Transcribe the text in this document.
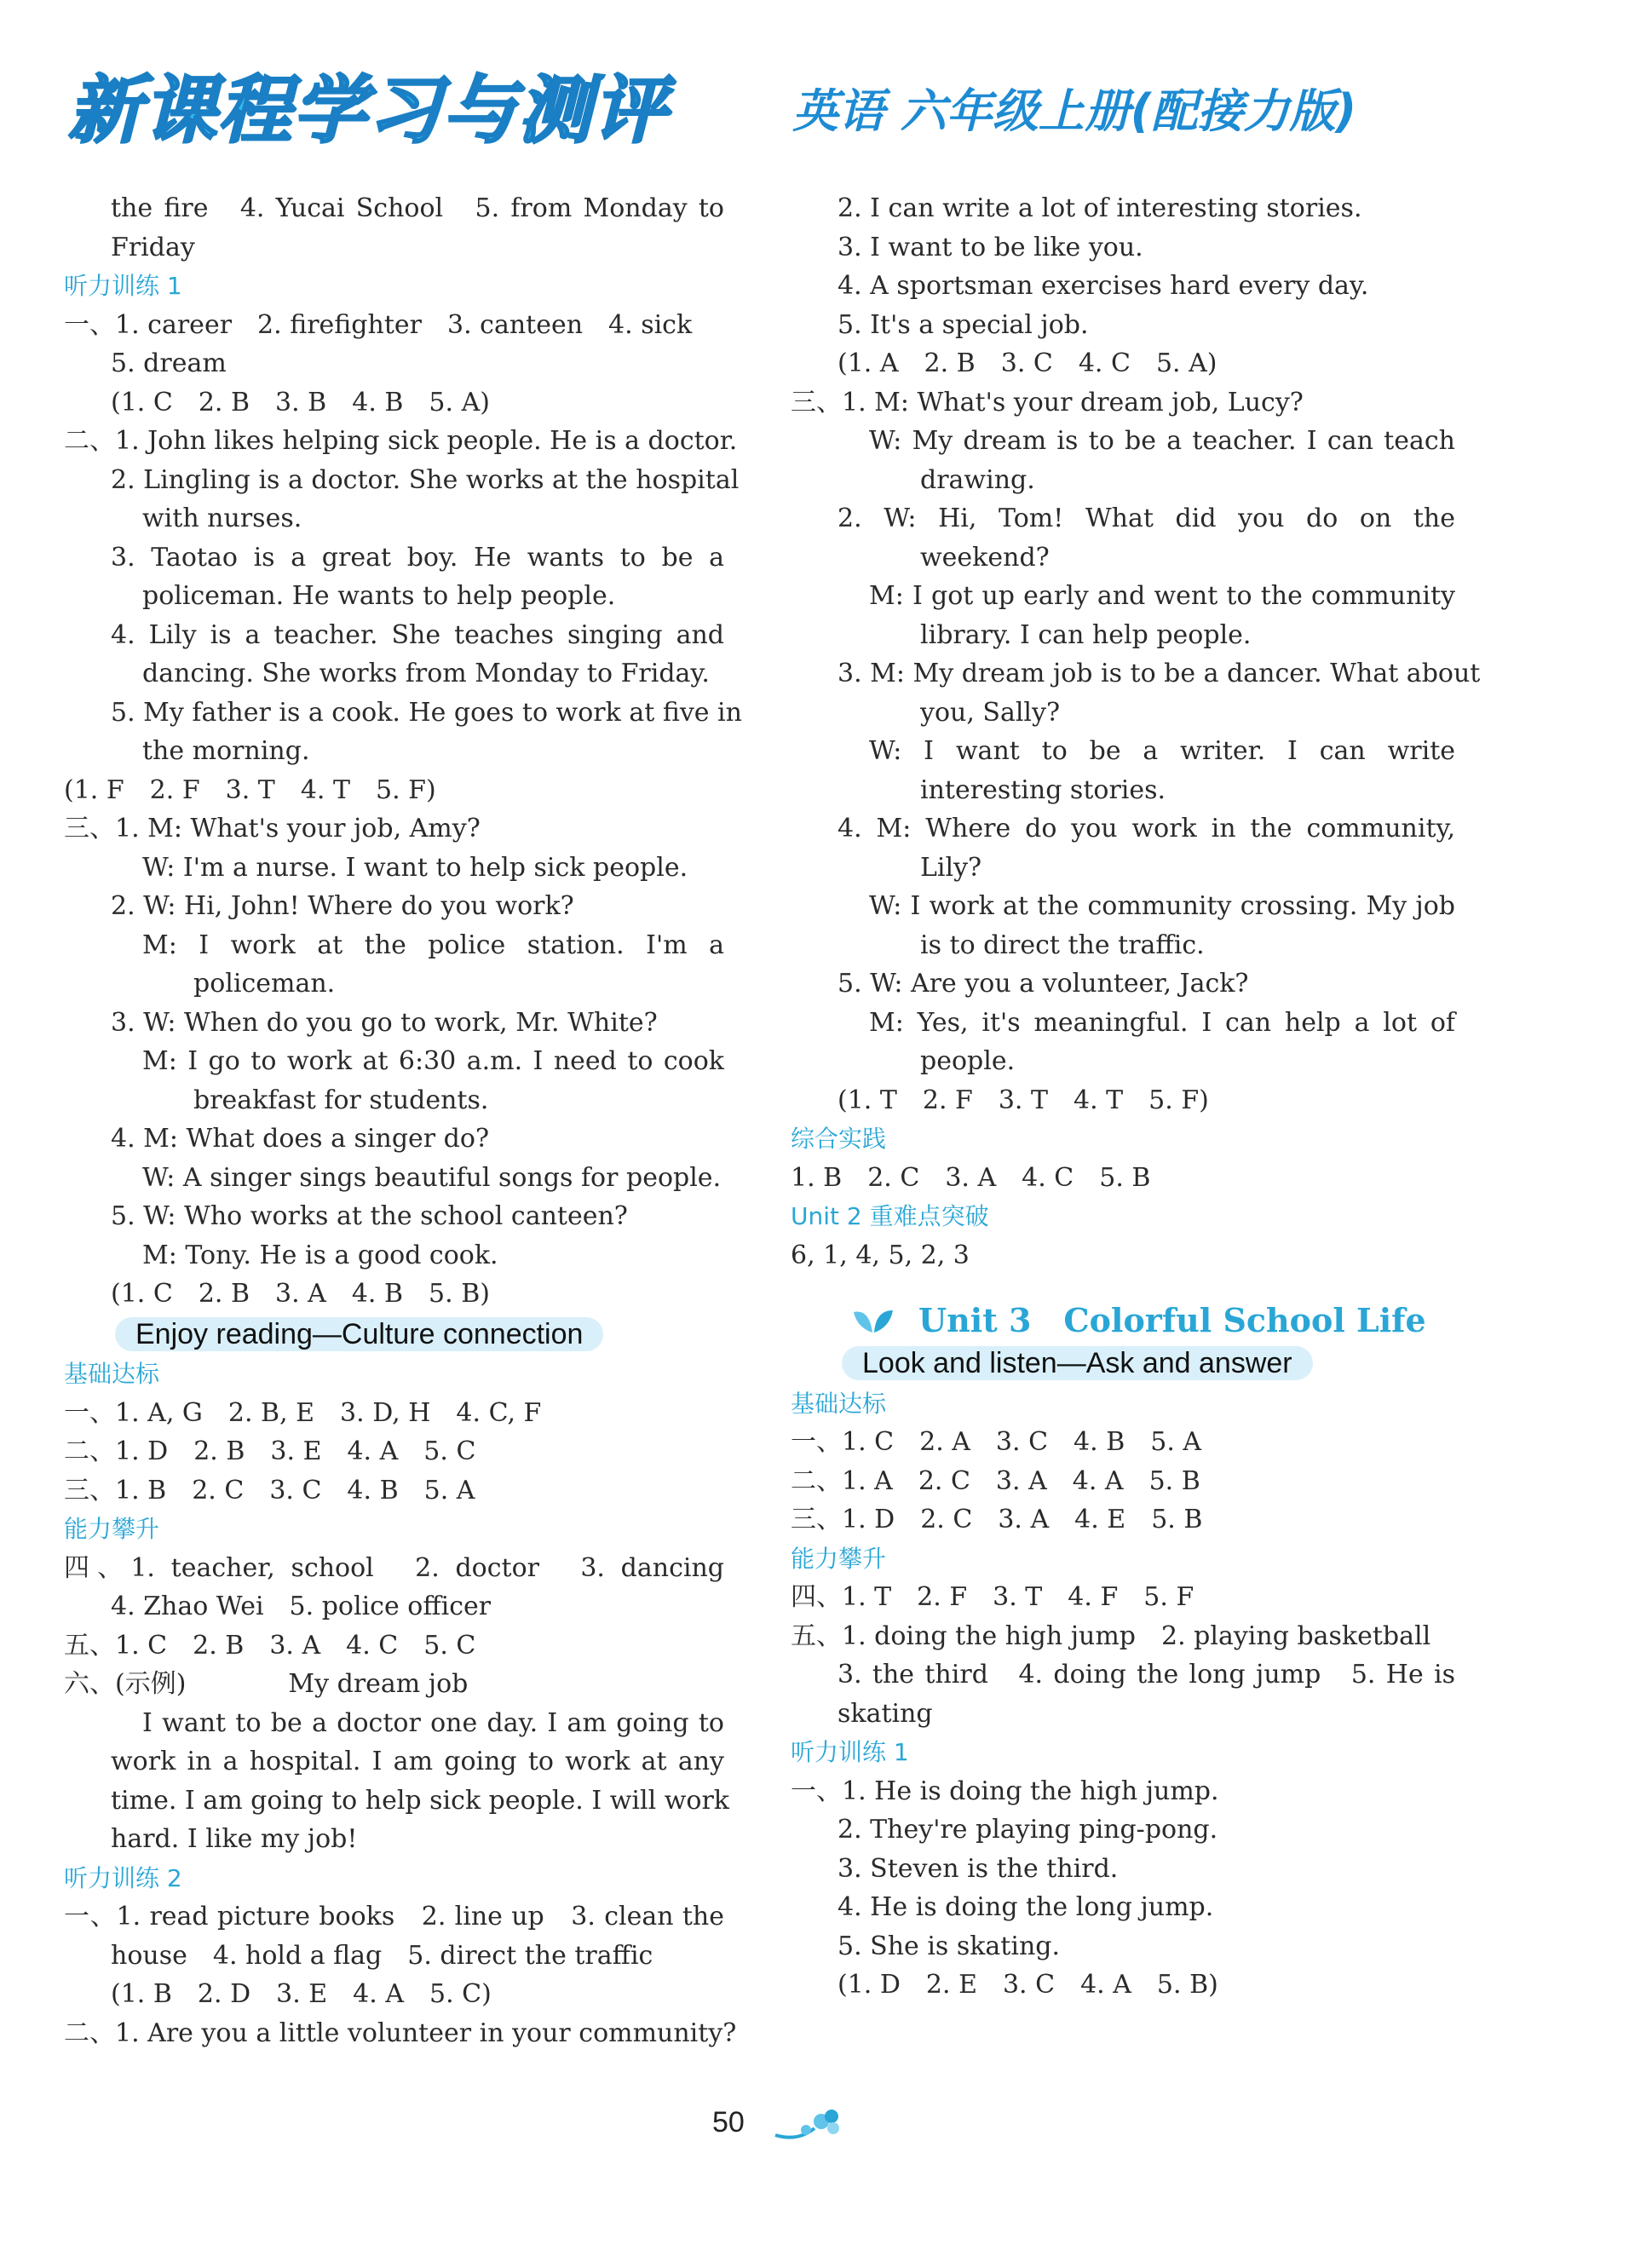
新课程学习与测评	英语 六年级上册(配接力版)
the fire　4. Yucai School　5. from Monday to
Friday
听力训练 1
一、1. career　2. firefighter　3. canteen　4. sick
5. dream
(1. C　2. B　3. B　4. B　5. A)
二、1. John likes helping sick people. He is a doctor.
2. Lingling is a doctor. She works at the hospital
with nurses.
3. Taotao is a great boy. He wants to be a
policeman. He wants to help people.
4. Lily is a teacher. She teaches singing and
dancing. She works from Monday to Friday.
5. My father is a cook. He goes to work at five in
the morning.
(1. F　2. F　3. T　4. T　5. F)
三、1. M: What's your job, Amy?
W: I'm a nurse. I want to help sick people.
2. W: Hi, John! Where do you work?
M: I work at the police station. I'm a
policeman.
3. W: When do you go to work, Mr. White?
M: I go to work at 6:30 a.m. I need to cook
breakfast for students.
4. M: What does a singer do?
W: A singer sings beautiful songs for people.
5. W: Who works at the school canteen?
M: Tony. He is a good cook.
(1. C　2. B　3. A　4. B　5. B)
Enjoy reading—Culture connection
基础达标
一、1. A, G　2. B, E　3. D, H　4. C, F
二、1. D　2. B　3. E　4. A　5. C
三、1. B　2. C　3. C　4. B　5. A
能力攀升
四、1. teacher, school　2. doctor　3. dancing
4. Zhao Wei　5. police officer
五、1. C　2. B　3. A　4. C　5. C
六、(示例)　　　　My dream job
I want to be a doctor one day. I am going to
work in a hospital. I am going to work at any
time. I am going to help sick people. I will work
hard. I like my job!
听力训练 2
一、1. read picture books　2. line up　3. clean the
house　4. hold a flag　5. direct the traffic
(1. B　2. D　3. E　4. A　5. C)
二、1. Are you a little volunteer in your community?
2. I can write a lot of interesting stories.
3. I want to be like you.
4. A sportsman exercises hard every day.
5. It's a special job.
(1. A　2. B　3. C　4. C　5. A)
三、1. M: What's your dream job, Lucy?
W: My dream is to be a teacher. I can teach
drawing.
2. W: Hi, Tom! What did you do on the
weekend?
M: I got up early and went to the community
library. I can help people.
3. M: My dream job is to be a dancer. What about
you, Sally?
W: I want to be a writer. I can write
interesting stories.
4. M: Where do you work in the community,
Lily?
W: I work at the community crossing. My job
is to direct the traffic.
5. W: Are you a volunteer, Jack?
M: Yes, it's meaningful. I can help a lot of
people.
(1. T　2. F　3. T　4. T　5. F)
综合实践
1. B　2. C　3. A　4. C　5. B
Unit 2 重难点突破
6, 1, 4, 5, 2, 3
Unit 3　Colorful School Life
Look and listen—Ask and answer
基础达标
一、1. C　2. A　3. C　4. B　5. A
二、1. A　2. C　3. A　4. A　5. B
三、1. D　2. C　3. A　4. E　5. B
能力攀升
四、1. T　2. F　3. T　4. F　5. F
五、1. doing the high jump　2. playing basketball
3. the third　4. doing the long jump　5. He is
skating
听力训练 1
一、1. He is doing the high jump.
2. They're playing ping-pong.
3. Steven is the third.
4. He is doing the long jump.
5. She is skating.
(1. D　2. E　3. C　4. A　5. B)
50
